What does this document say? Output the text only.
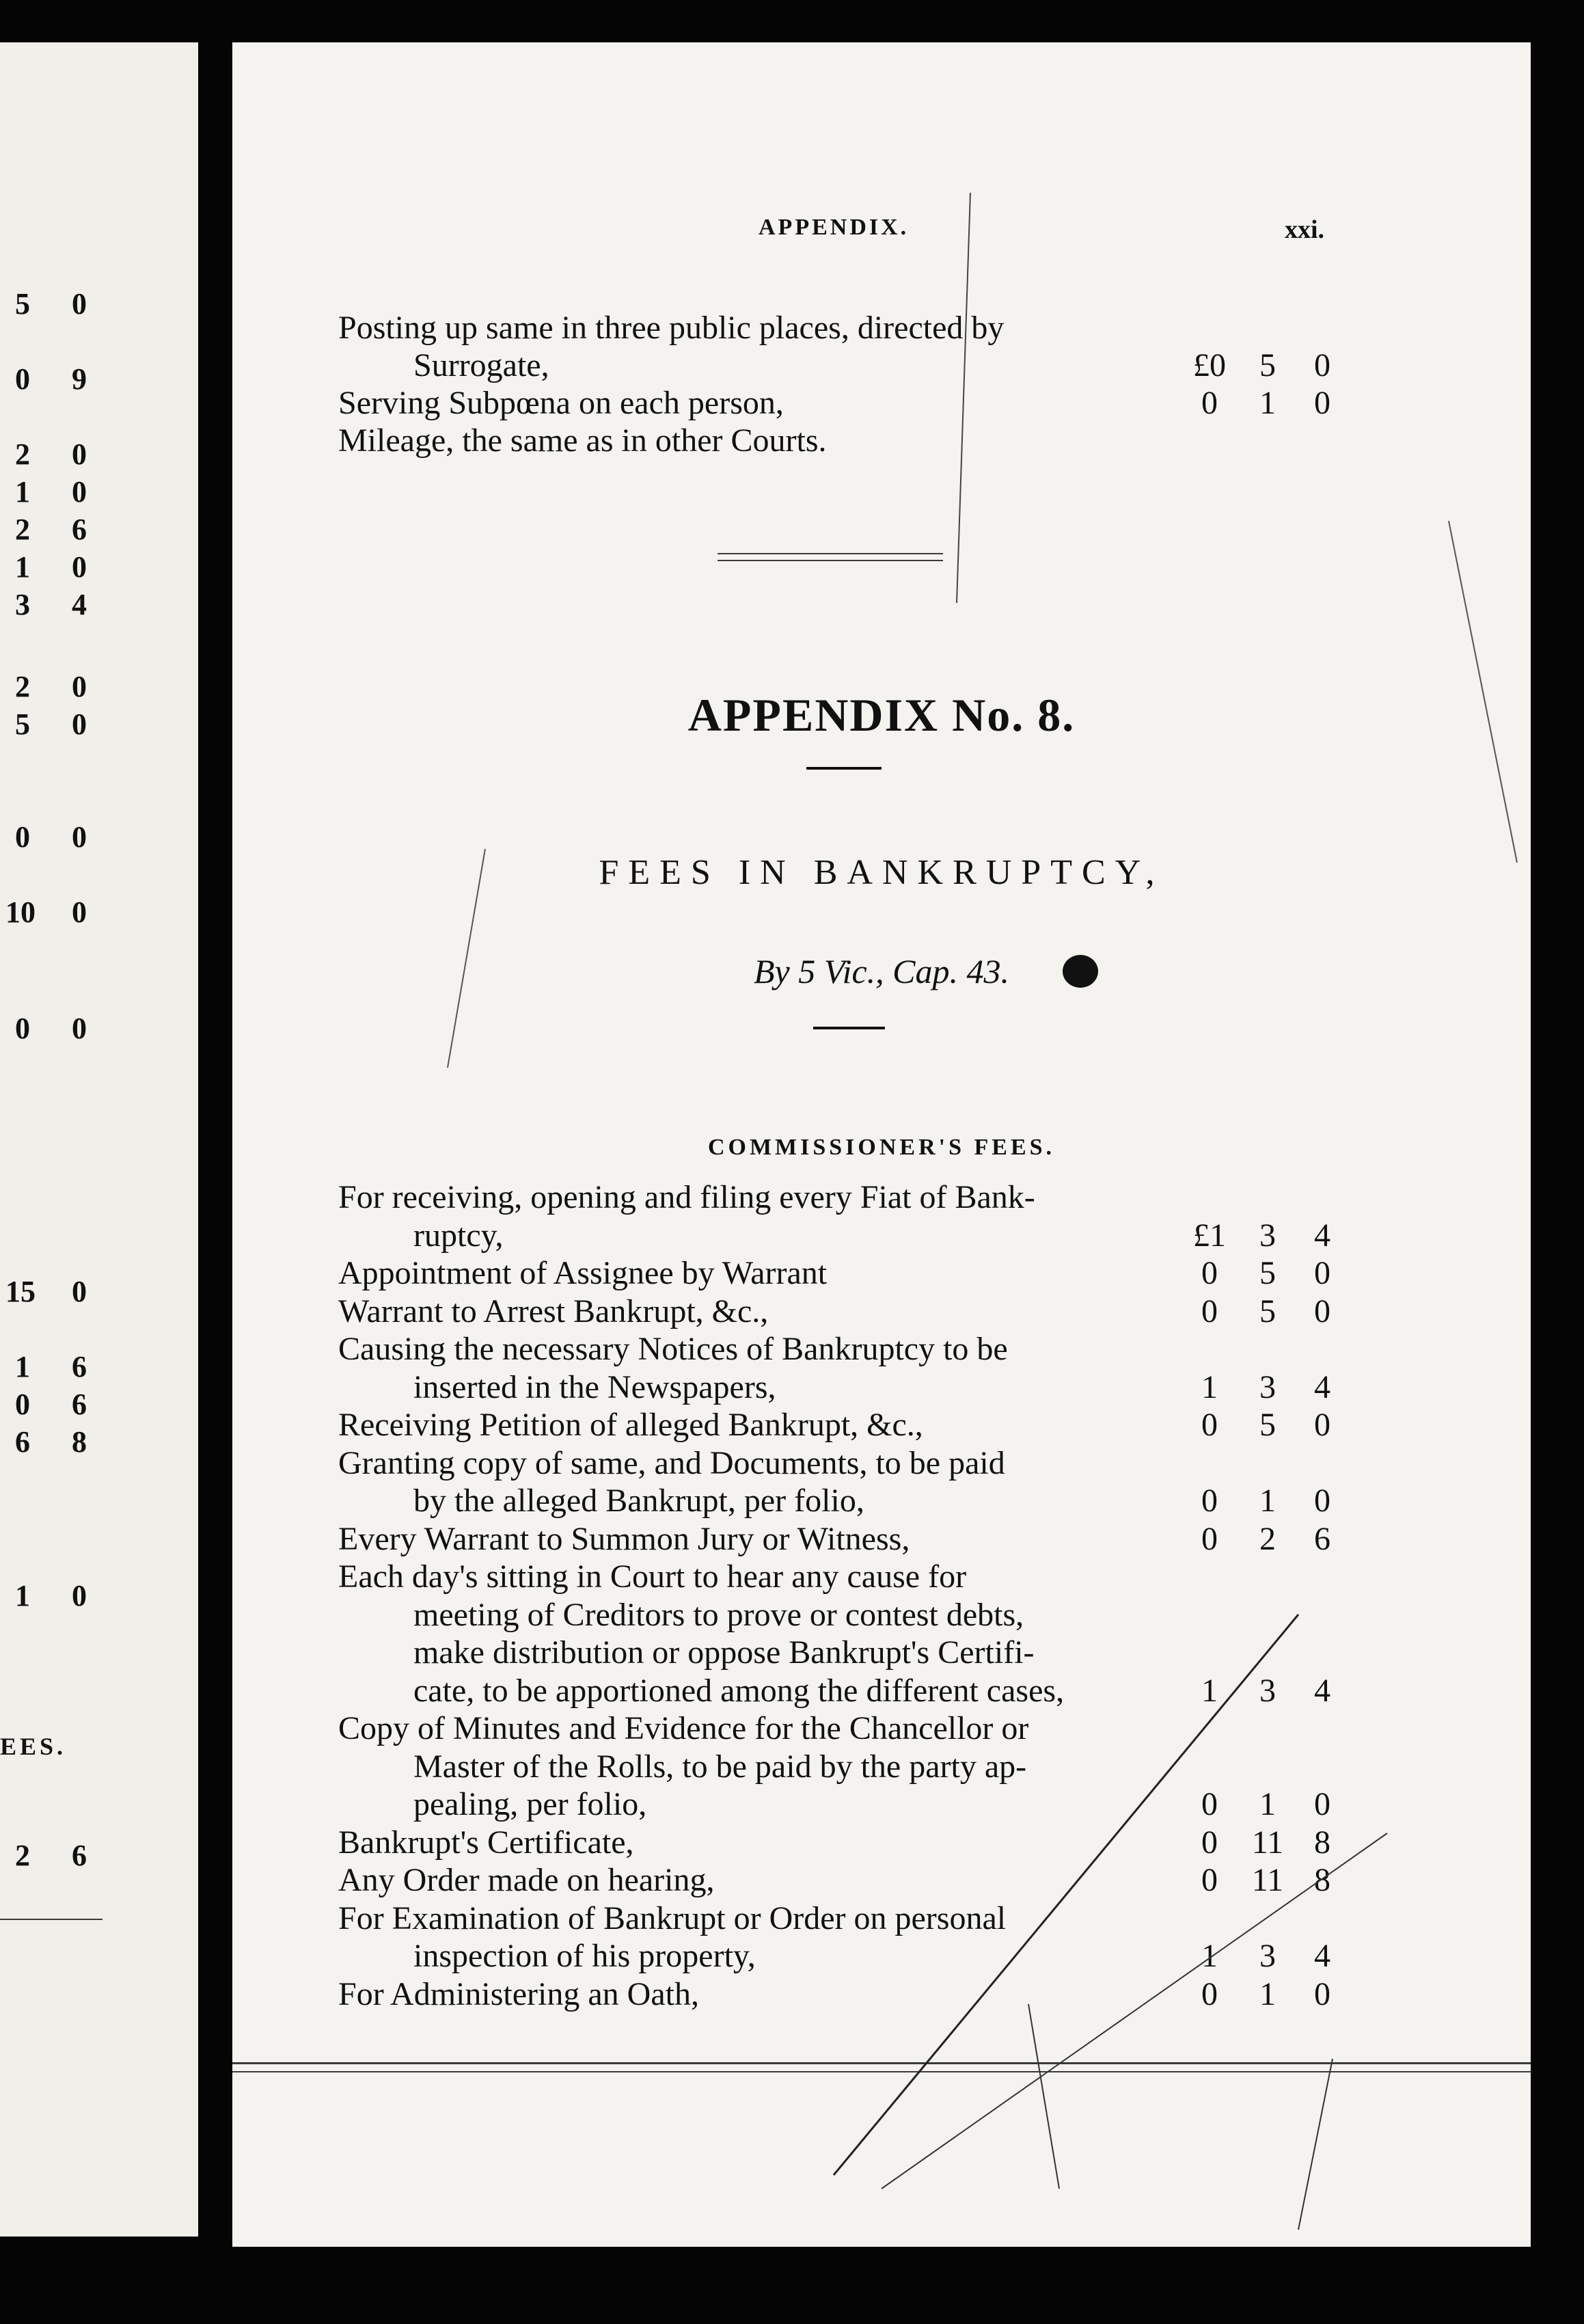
5 0
0 9
2 0
1 0
2 6
1 0
3 4
2 0
5 0
0 0
10 0
0 0
15 0
1 6
0 6
6 8
1 0
2 6
EES.
APPENDIX.	xxi.
Posting up same in three public places, directed by
Surrogate,	£0	5	0
Serving Subpœna on each person,	0	1	0
Mileage, the same as in other Courts.
APPENDIX No. 8.
FEES IN BANKRUPTCY,
By 5 Vic., Cap. 43.
COMMISSIONER'S FEES.
For receiving, opening and filing every Fiat of Bank-
ruptcy,	£1	3	4
Appointment of Assignee by Warrant	0	5	0
Warrant to Arrest Bankrupt, &c.,	0	5	0
Causing the necessary Notices of Bankruptcy to be
inserted in the Newspapers,	1	3	4
Receiving Petition of alleged Bankrupt, &c.,	0	5	0
Granting copy of same, and Documents, to be paid
by the alleged Bankrupt, per folio,	0	1	0
Every Warrant to Summon Jury or Witness,	0	2	6
Each day's sitting in Court to hear any cause for
meeting of Creditors to prove or contest debts,
make distribution or oppose Bankrupt's Certifi-
cate, to be apportioned among the different cases,	1	3	4
Copy of Minutes and Evidence for the Chancellor or
Master of the Rolls, to be paid by the party ap-
pealing, per folio,	0	1	0
Bankrupt's Certificate,	0	11 8
Any Order made on hearing,	0	11 8
For Examination of Bankrupt or Order on personal
inspection of his property,	1	3	4
For Administering an Oath,	0	1	0
